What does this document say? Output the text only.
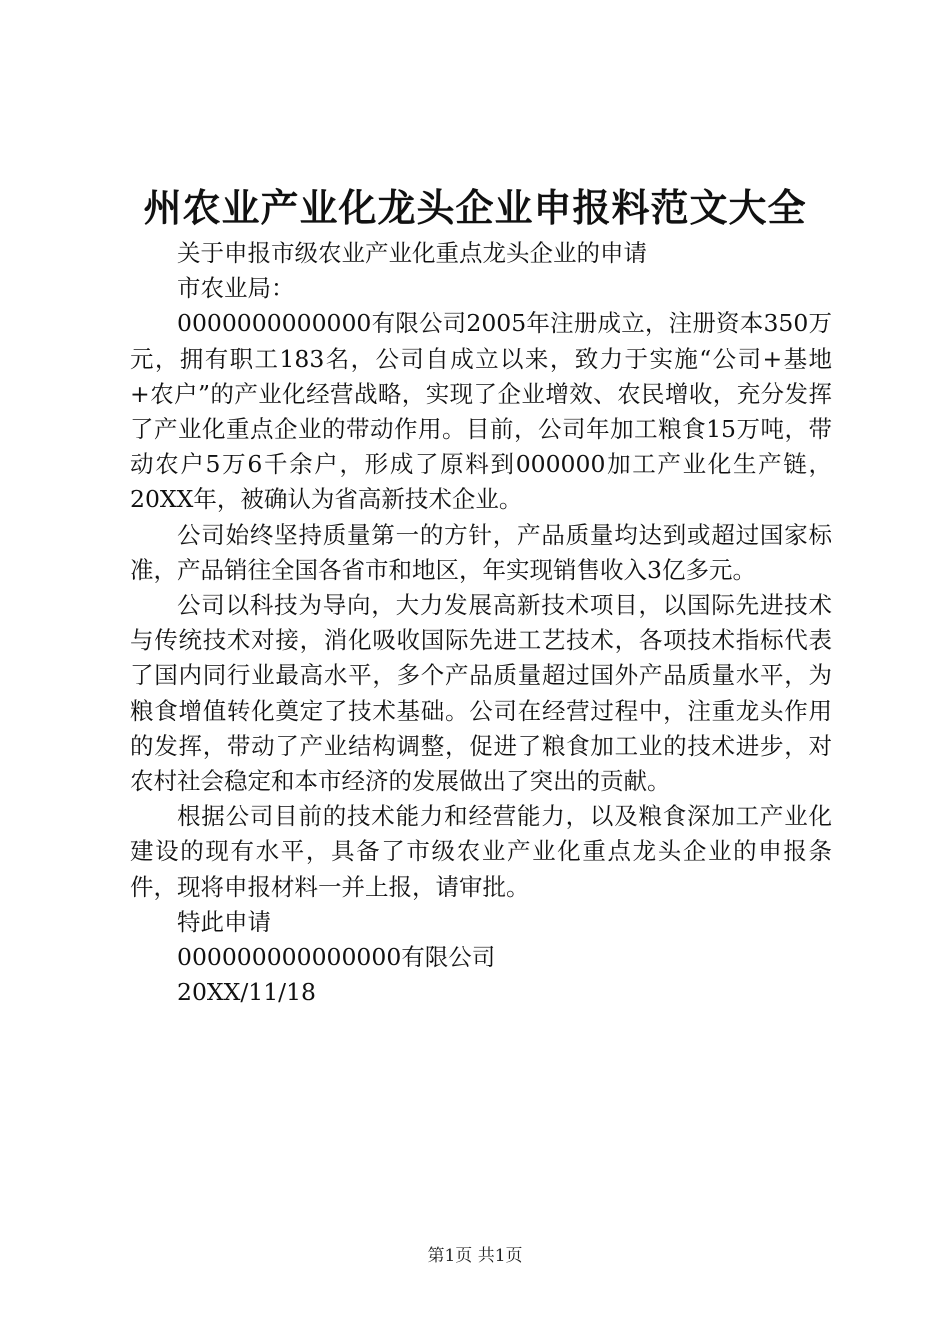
州农业产业化龙头企业申报料范文大全
关于申报市级农业产业化重点龙头企业的申请
市农业局：

0000000000000有限公司2005年注册成立，注册资本350万元，拥有职工183名，公司自成立以来，致力于实施“公司+基地+农户”的产业化经营战略，实现了企业增效、农民增收，充分发挥了产业化重点企业的带动作用。目前，公司年加工粮食15万吨，带动农户5万6千余户，形成了原料到000000加工产业化生产链，20XX年，被确认为省高新技术企业。

公司始终坚持质量第一的方针，产品质量均达到或超过国家标准，产品销往全国各省市和地区，年实现销售收入3亿多元。

公司以科技为导向，大力发展高新技术项目，以国际先进技术与传统技术对接，消化吸收国际先进工艺技术，各项技术指标代表了国内同行业最高水平，多个产品质量超过国外产品质量水平，为粮食增值转化奠定了技术基础。公司在经营过程中，注重龙头作用的发挥，带动了产业结构调整，促进了粮食加工业的技术进步，对农村社会稳定和本市经济的发展做出了突出的贡献。

根据公司目前的技术能力和经营能力，以及粮食深加工产业化建设的现有水平，具备了市级农业产业化重点龙头企业的申报条件，现将申报材料一并上报，请审批。

特此申请
000000000000000有限公司
20XX/11/18
第1页 共1页
